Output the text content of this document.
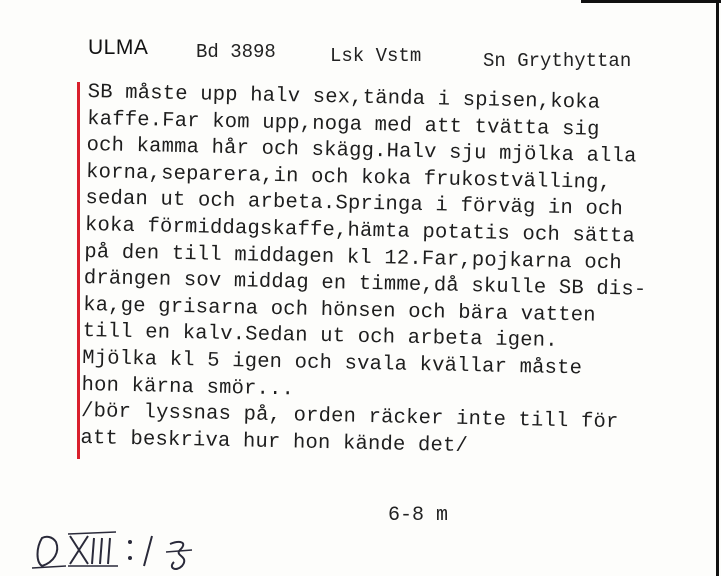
ULMA	Bd 3898	Lsk Vstm	Sn Grythyttan
SB måste upp halv sex,tända i spisen,koka
kaffe.Far kom upp,noga med att tvätta sig
och kamma hår och skägg.Halv sju mjölka alla
korna,separera,in och koka frukostvälling,
sedan ut och arbeta.Springa i förväg in och
koka förmiddagskaffe,hämta potatis och sätta
på den till middagen kl 12.Far,pojkarna och
drängen sov middag en timme,då skulle SB dis-
ka,ge grisarna och hönsen och bära vatten
till en kalv.Sedan ut och arbeta igen.
Mjölka kl 5 igen och svala kvällar måste
hon kärna smör...
/bör lyssnas på, orden räcker inte till för
att beskriva hur hon kände det/
6-8 m
